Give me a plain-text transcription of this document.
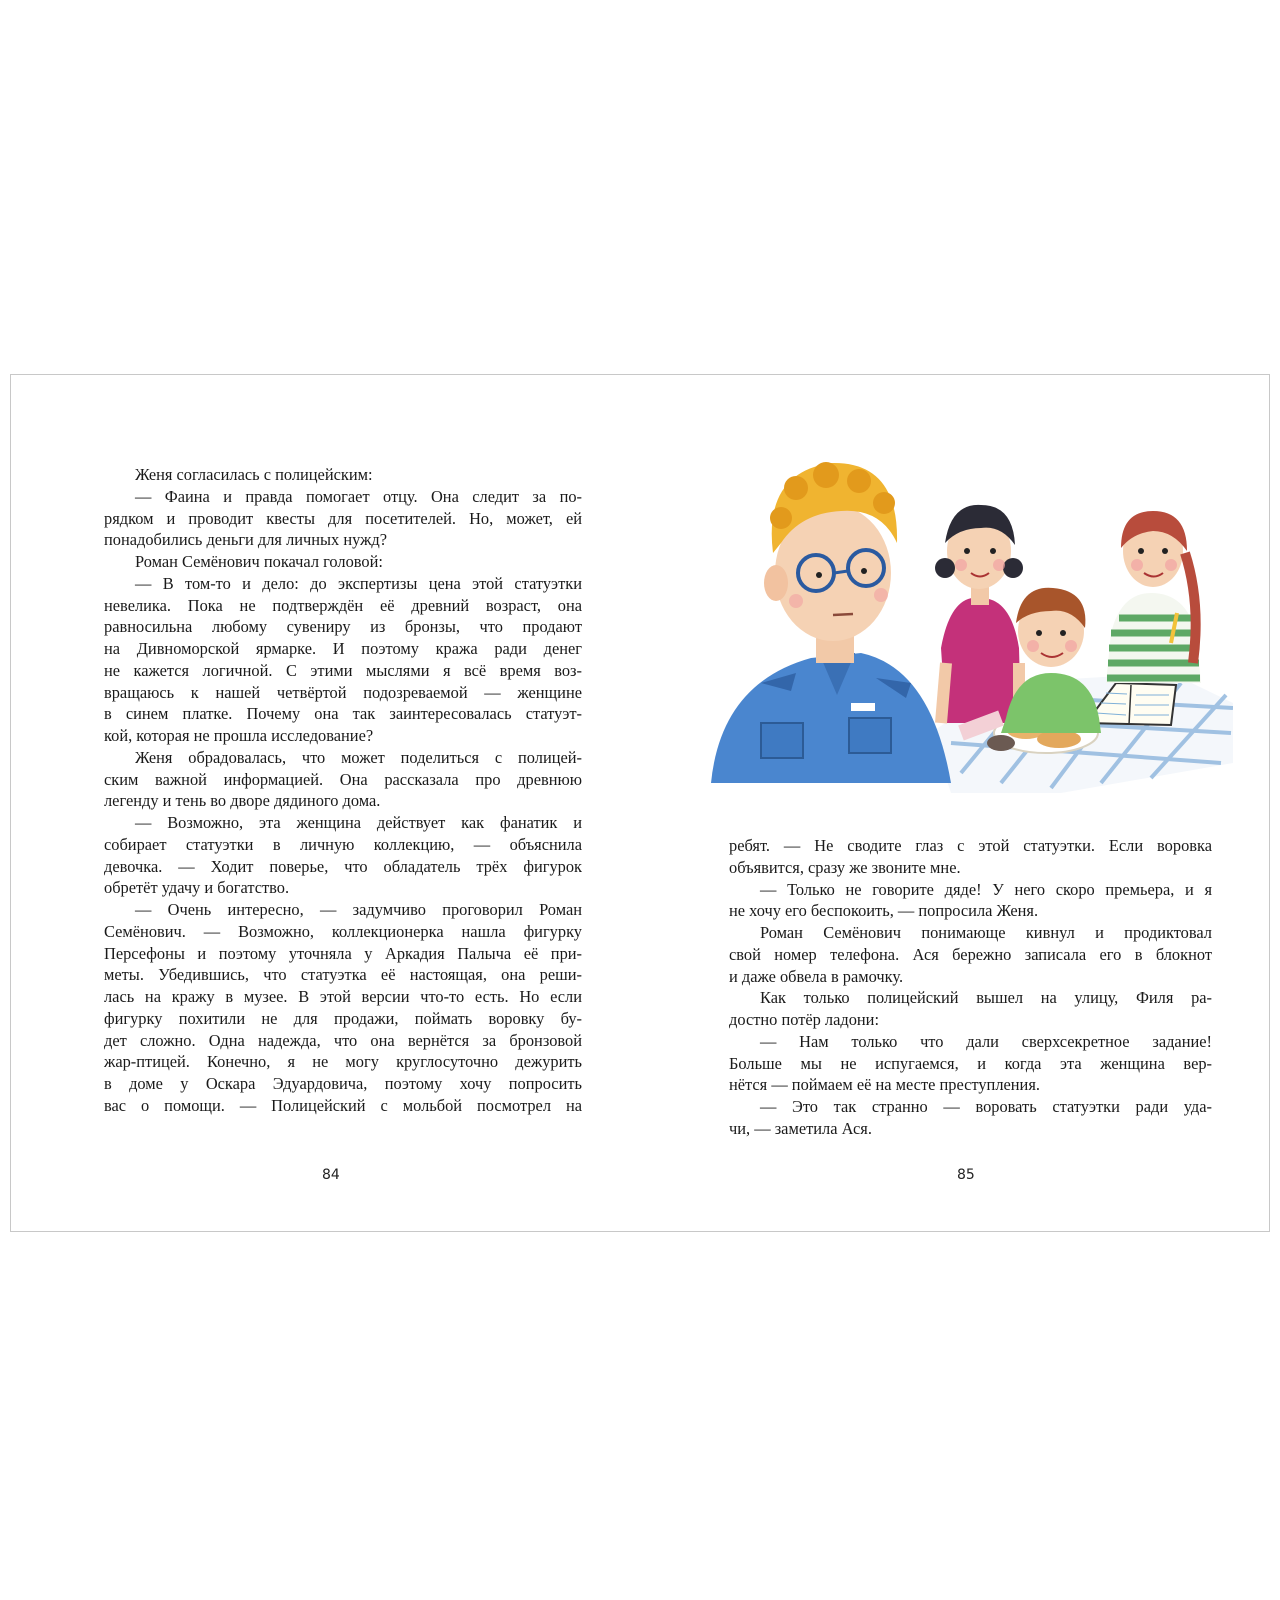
Женя согласилась с полицейским:
— Фаина и правда помогает отцу. Она следит за по-
рядком и проводит квесты для посетителей. Но, может, ей
понадобились деньги для личных нужд?
Роман Семёнович покачал головой:
— В том-то и дело: до экспертизы цена этой статуэтки
невелика. Пока не подтверждён её древний возраст, она
равносильна любому сувениру из бронзы, что продают
на Дивноморской ярмарке. И поэтому кража ради денег
не кажется логичной. С этими мыслями я всё время воз-
вращаюсь к нашей четвёртой подозреваемой — женщине
в синем платке. Почему она так заинтересовалась статуэт-
кой, которая не прошла исследование?
Женя обрадовалась, что может поделиться с полицей-
ским важной информацией. Она рассказала про древнюю
легенду и тень во дворе дядиного дома.
— Возможно, эта женщина действует как фанатик и
собирает статуэтки в личную коллекцию, — объяснила
девочка. — Ходит поверье, что обладатель трёх фигурок
обретёт удачу и богатство.
— Очень интересно, — задумчиво проговорил Роман
Семёнович. — Возможно, коллекционерка нашла фигурку
Персефоны и поэтому уточняла у Аркадия Палыча её при-
меты. Убедившись, что статуэтка её настоящая, она реши-
лась на кражу в музее. В этой версии что-то есть. Но если
фигурку похитили не для продажи, поймать воровку бу-
дет сложно. Одна надежда, что она вернётся за бронзовой
жар-птицей. Конечно, я не могу круглосуточно дежурить
в доме у Оскара Эдуардовича, поэтому хочу попросить
вас о помощи. — Полицейский с мольбой посмотрел на
84
ребят. — Не сводите глаз с этой статуэтки. Если воровка
объявится, сразу же звоните мне.
— Только не говорите дяде! У него скоро премьера, и я
не хочу его беспокоить, — попросила Женя.
Роман Семёнович понимающе кивнул и продиктовал
свой номер телефона. Ася бережно записала его в блокнот
и даже обвела в рамочку.
Как только полицейский вышел на улицу, Филя ра-
достно потёр ладони:
— Нам только что дали сверхсекретное задание!
Больше мы не испугаемся, и когда эта женщина вер-
нётся — поймаем её на месте преступления.
— Это так странно — воровать статуэтки ради уда-
чи, — заметила Ася.
85
